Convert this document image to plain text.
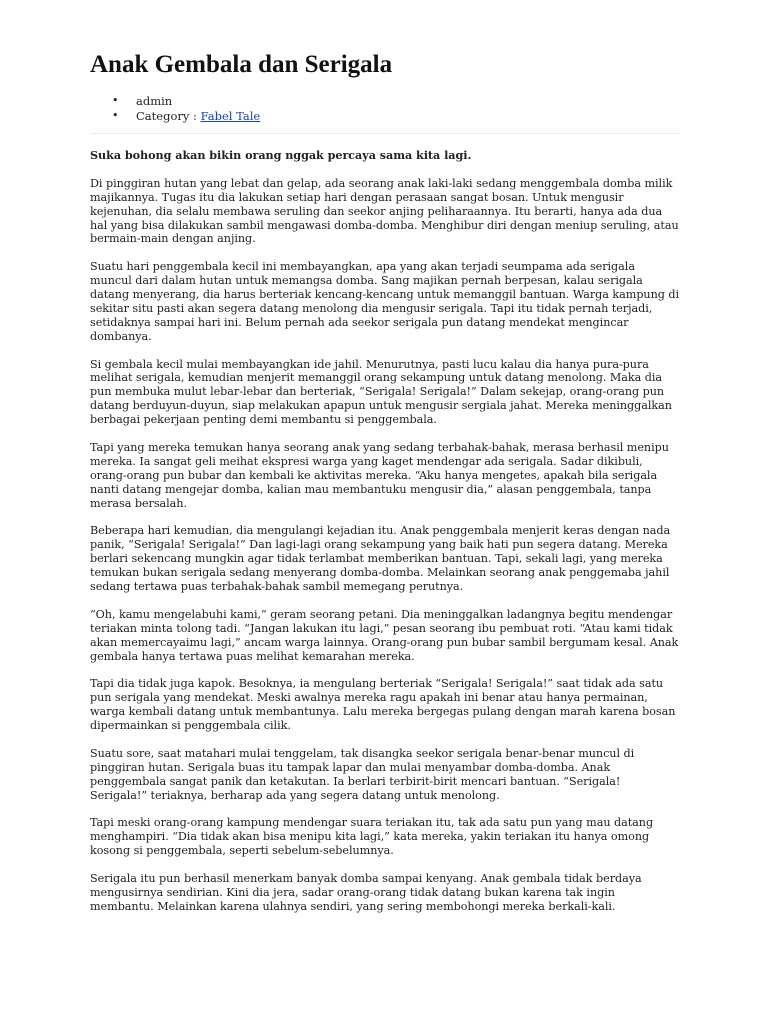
Anak Gembala dan Serigala
• admin
• Category : Fabel Tale

Suka bohong akan bikin orang nggak percaya sama kita lagi.

Di pinggiran hutan yang lebat dan gelap, ada seorang anak laki-laki sedang menggembala domba milik majikannya. Tugas itu dia lakukan setiap hari dengan perasaan sangat bosan. Untuk mengusir kejenuhan, dia selalu membawa seruling dan seekor anjing peliharaannya. Itu berarti, hanya ada dua hal yang bisa dilakukan sambil mengawasi domba-domba. Menghibur diri dengan meniup seruling, atau bermain-main dengan anjing.

Suatu hari penggembala kecil ini membayangkan, apa yang akan terjadi seumpama ada serigala muncul dari dalam hutan untuk memangsa domba. Sang majikan pernah berpesan, kalau serigala datang menyerang, dia harus berteriak kencang-kencang untuk memanggil bantuan. Warga kampung di sekitar situ pasti akan segera datang menolong dia mengusir serigala. Tapi itu tidak pernah terjadi, setidaknya sampai hari ini. Belum pernah ada seekor serigala pun datang mendekat mengincar dombanya.

Si gembala kecil mulai membayangkan ide jahil. Menurutnya, pasti lucu kalau dia hanya pura-pura melihat serigala, kemudian menjerit memanggil orang sekampung untuk datang menolong. Maka dia pun membuka mulut lebar-lebar dan berteriak, “Serigala! Serigala!” Dalam sekejap, orang-orang pun datang berduyun-duyun, siap melakukan apapun untuk mengusir sergiala jahat. Mereka meninggalkan berbagai pekerjaan penting demi membantu si penggembala.

Tapi yang mereka temukan hanya seorang anak yang sedang terbahak-bahak, merasa berhasil menipu mereka. Ia sangat geli meihat ekspresi warga yang kaget mendengar ada serigala. Sadar dikibuli, orang-orang pun bubar dan kembali ke aktivitas mereka. “Aku hanya mengetes, apakah bila serigala nanti datang mengejar domba, kalian mau membantuku mengusir dia,” alasan penggembala, tanpa merasa bersalah.

Beberapa hari kemudian, dia mengulangi kejadian itu. Anak penggembala menjerit keras dengan nada panik, “Serigala! Serigala!” Dan lagi-lagi orang sekampung yang baik hati pun segera datang. Mereka berlari sekencang mungkin agar tidak terlambat memberikan bantuan. Tapi, sekali lagi, yang mereka temukan bukan serigala sedang menyerang domba-domba. Melainkan seorang anak penggemaba jahil sedang tertawa puas terbahak-bahak sambil memegang perutnya.

“Oh, kamu mengelabuhi kami,” geram seorang petani. Dia meninggalkan ladangnya begitu mendengar teriakan minta tolong tadi. “Jangan lakukan itu lagi,” pesan seorang ibu pembuat roti. “Atau kami tidak akan memercayaimu lagi,” ancam warga lainnya. Orang-orang pun bubar sambil bergumam kesal. Anak gembala hanya tertawa puas melihat kemarahan mereka.

Tapi dia tidak juga kapok. Besoknya, ia mengulang berteriak “Serigala! Serigala!” saat tidak ada satu pun serigala yang mendekat. Meski awalnya mereka ragu apakah ini benar atau hanya permainan, warga kembali datang untuk membantunya. Lalu mereka bergegas pulang dengan marah karena bosan dipermainkan si penggembala cilik.

Suatu sore, saat matahari mulai tenggelam, tak disangka seekor serigala benar-benar muncul di pinggiran hutan. Serigala buas itu tampak lapar dan mulai menyambar domba-domba. Anak penggembala sangat panik dan ketakutan. Ia berlari terbirit-birit mencari bantuan. “Serigala! Serigala!” teriaknya, berharap ada yang segera datang untuk menolong.

Tapi meski orang-orang kampung mendengar suara teriakan itu, tak ada satu pun yang mau datang menghampiri. “Dia tidak akan bisa menipu kita lagi,” kata mereka, yakin teriakan itu hanya omong kosong si penggembala, seperti sebelum-sebelumnya.

Serigala itu pun berhasil menerkam banyak domba sampai kenyang. Anak gembala tidak berdaya mengusirnya sendirian. Kini dia jera, sadar orang-orang tidak datang bukan karena tak ingin membantu. Melainkan karena ulahnya sendiri, yang sering membohongi mereka berkali-kali.
